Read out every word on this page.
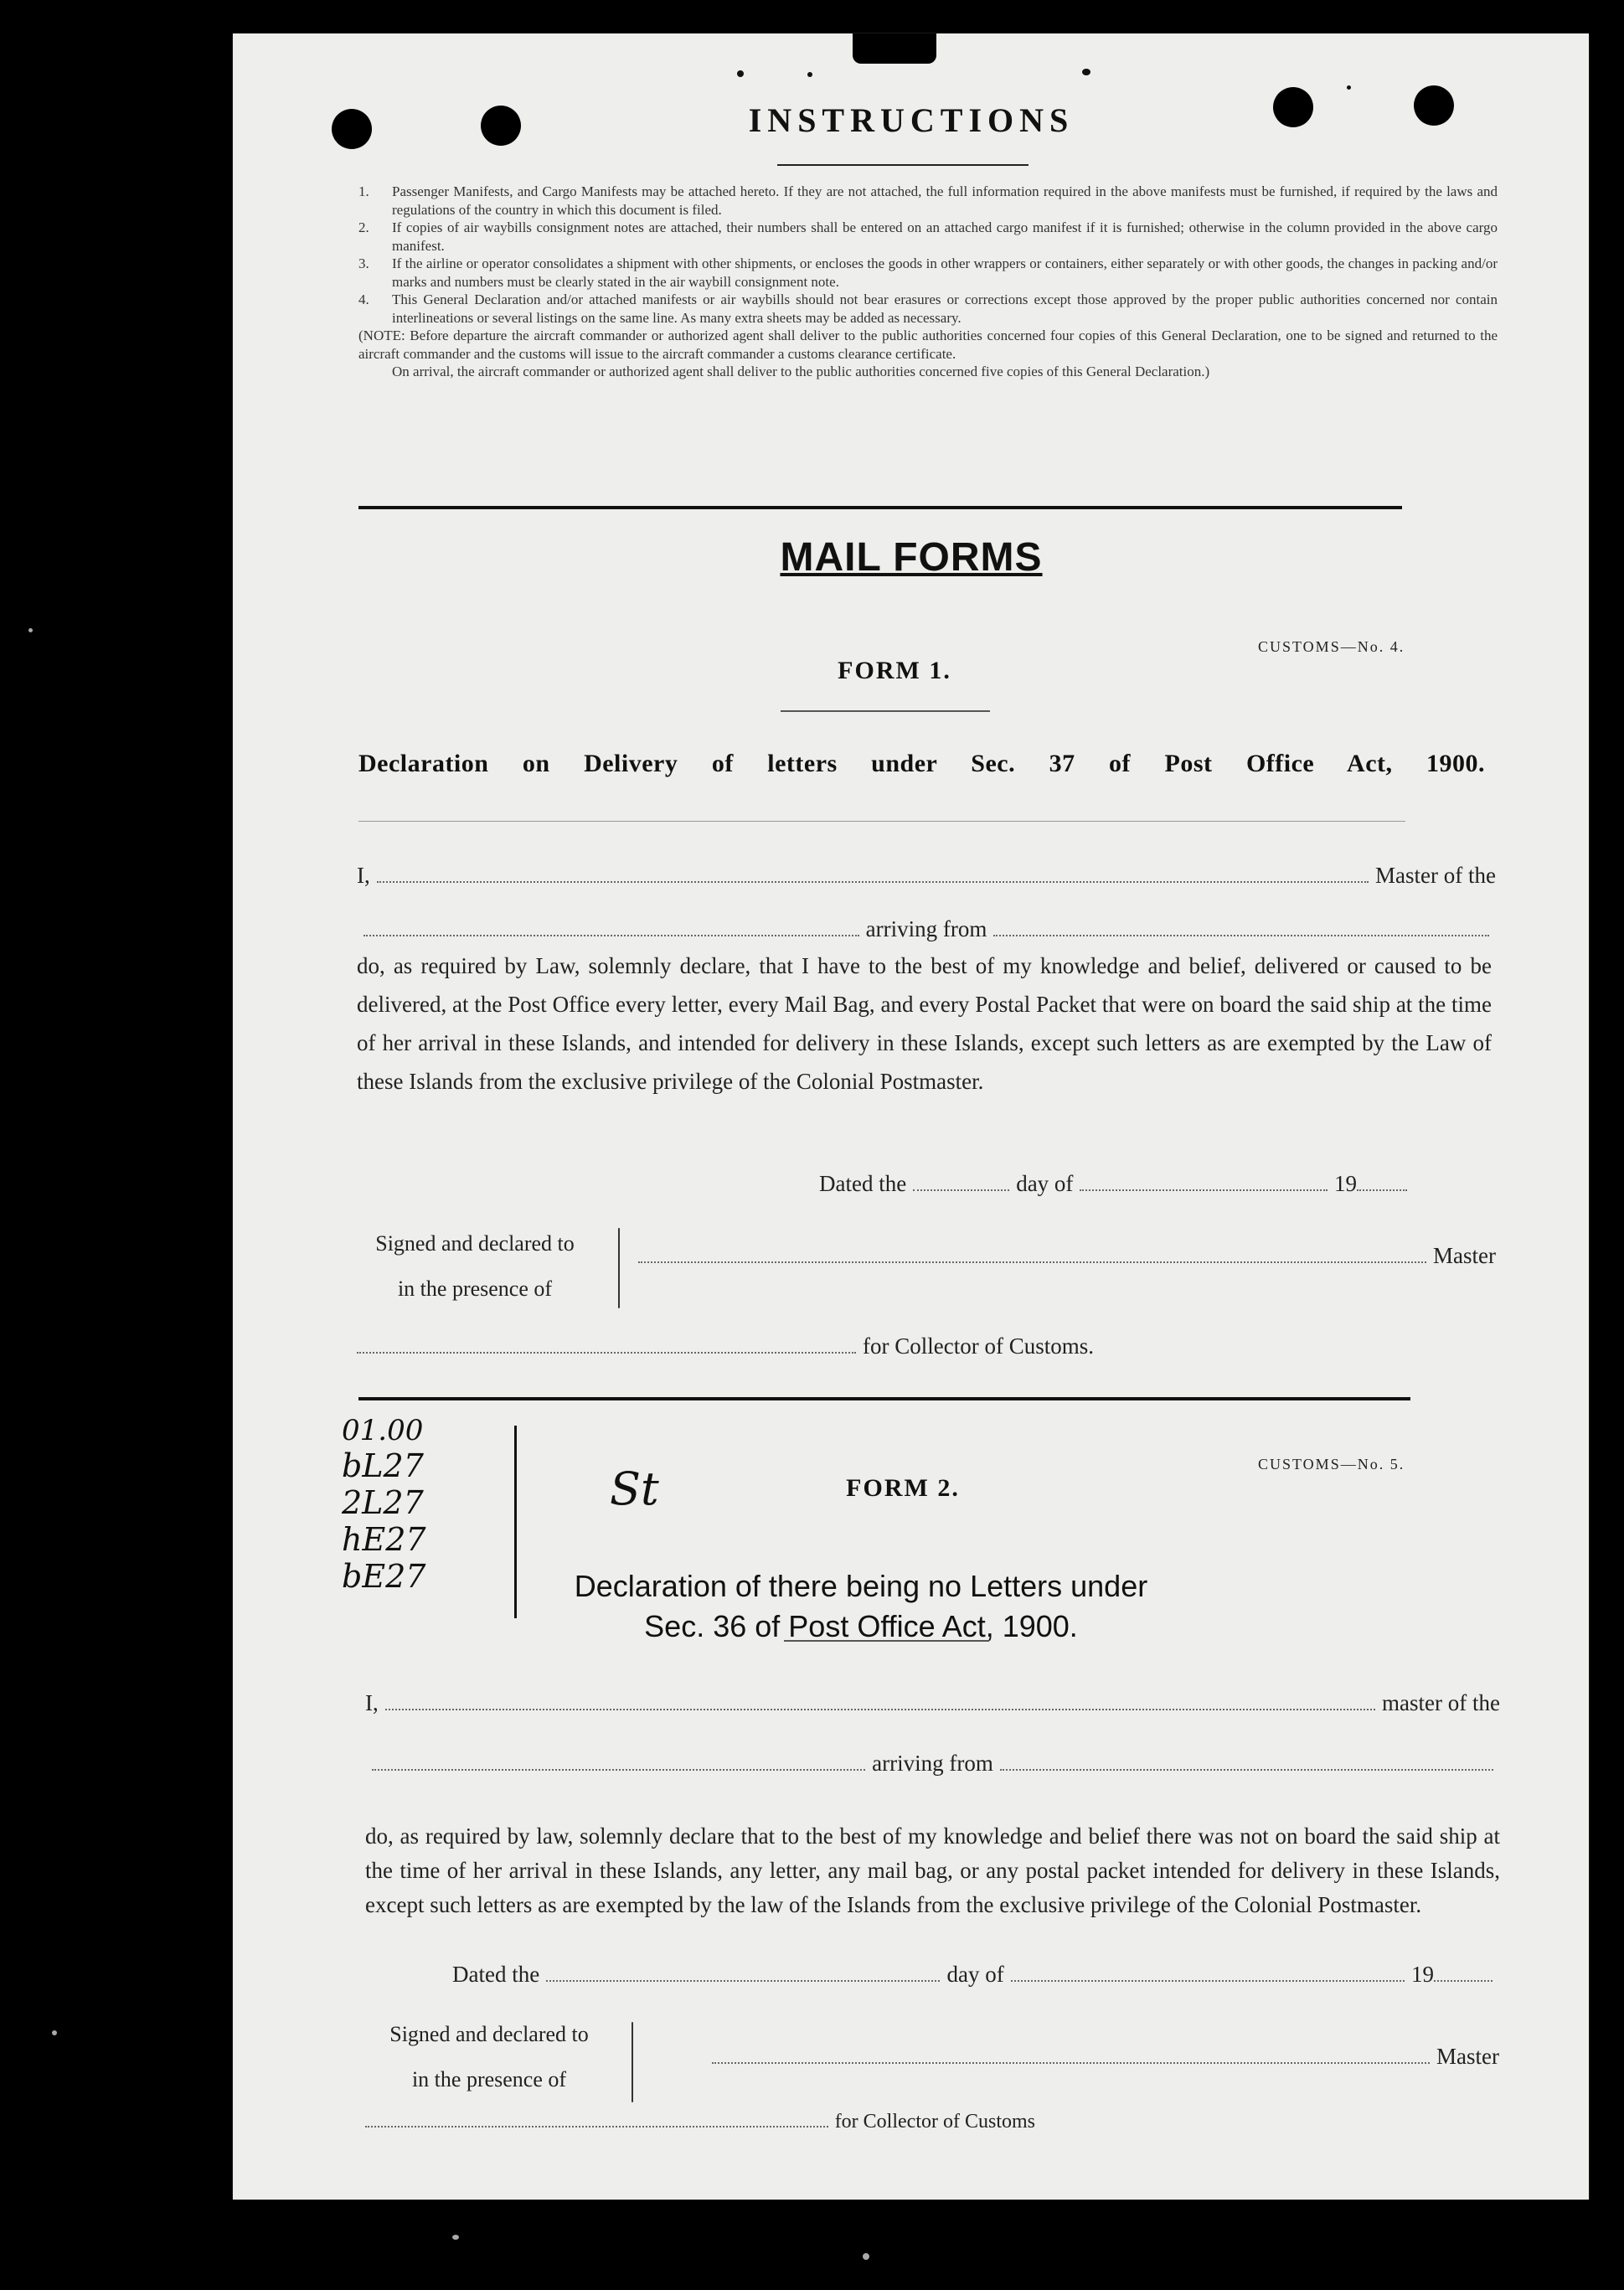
INSTRUCTIONS

1.	Passenger Manifests, and Cargo Manifests may be attached hereto. If they are not attached, the full information required in the above manifests must be furnished, if required by the laws and regulations of the country in which this document is filed.

2.	If copies of air waybills consignment notes are attached, their numbers shall be entered on an attached cargo manifest if it is furnished; otherwise in the column provided in the above cargo manifest.

3.	If the airline or operator consolidates a shipment with other shipments, or encloses the goods in other wrappers or containers, either separately or with other goods, the changes in packing and/or marks and numbers must be clearly stated in the air waybill consignment note.

4.	This General Declaration and/or attached manifests or air waybills should not bear erasures or corrections except those approved by the proper public authorities concerned nor contain interlineations or several listings on the same line. As many extra sheets may be added as necessary.

(NOTE: Before departure the aircraft commander or authorized agent shall deliver to the public authorities concerned four copies of this General Declaration, one to be signed and returned to the aircraft commander and the customs will issue to the aircraft commander a customs clearance certificate.

On arrival, the aircraft commander or authorized agent shall deliver to the public authorities concerned five copies of this General Declaration.)

MAIL FORMS
CUSTOMS—No. 4.
FORM 1.
Declaration on Delivery of letters under Sec. 37 of Post Office Act, 1900.
I,	Master of the
arriving from
do, as required by Law, solemnly declare, that I have to the best of my knowledge and belief, delivered or caused to be delivered, at the Post Office every letter, every Mail Bag, and every Postal Packet that were on board the said ship at the time of her arrival in these Islands, and intended for delivery in these Islands, except such letters as are exempted by the Law of these Islands from the exclusive privilege of the Colonial Postmaster.
Dated the	day of	19
Signed and declared to
in the presence of
Master
for Collector of Customs.
01.00
bL27
2L27
hE27
bE27
St	CUSTOMS—No. 5.
FORM 2.
Declaration of there being no Letters under
Sec. 36 of Post Office Act, 1900.
I,	master of the
arriving from
do, as required by law, solemnly declare that to the best of my knowledge and belief there was not on board the said ship at the time of her arrival in these Islands, any letter, any mail bag, or any postal packet intended for delivery in these Islands, except such letters as are exempted by the law of the Islands from the exclusive privilege of the Colonial Postmaster.
Dated the	day of	19
Signed and declared to
in the presence of
Master
for Collector of Customs
